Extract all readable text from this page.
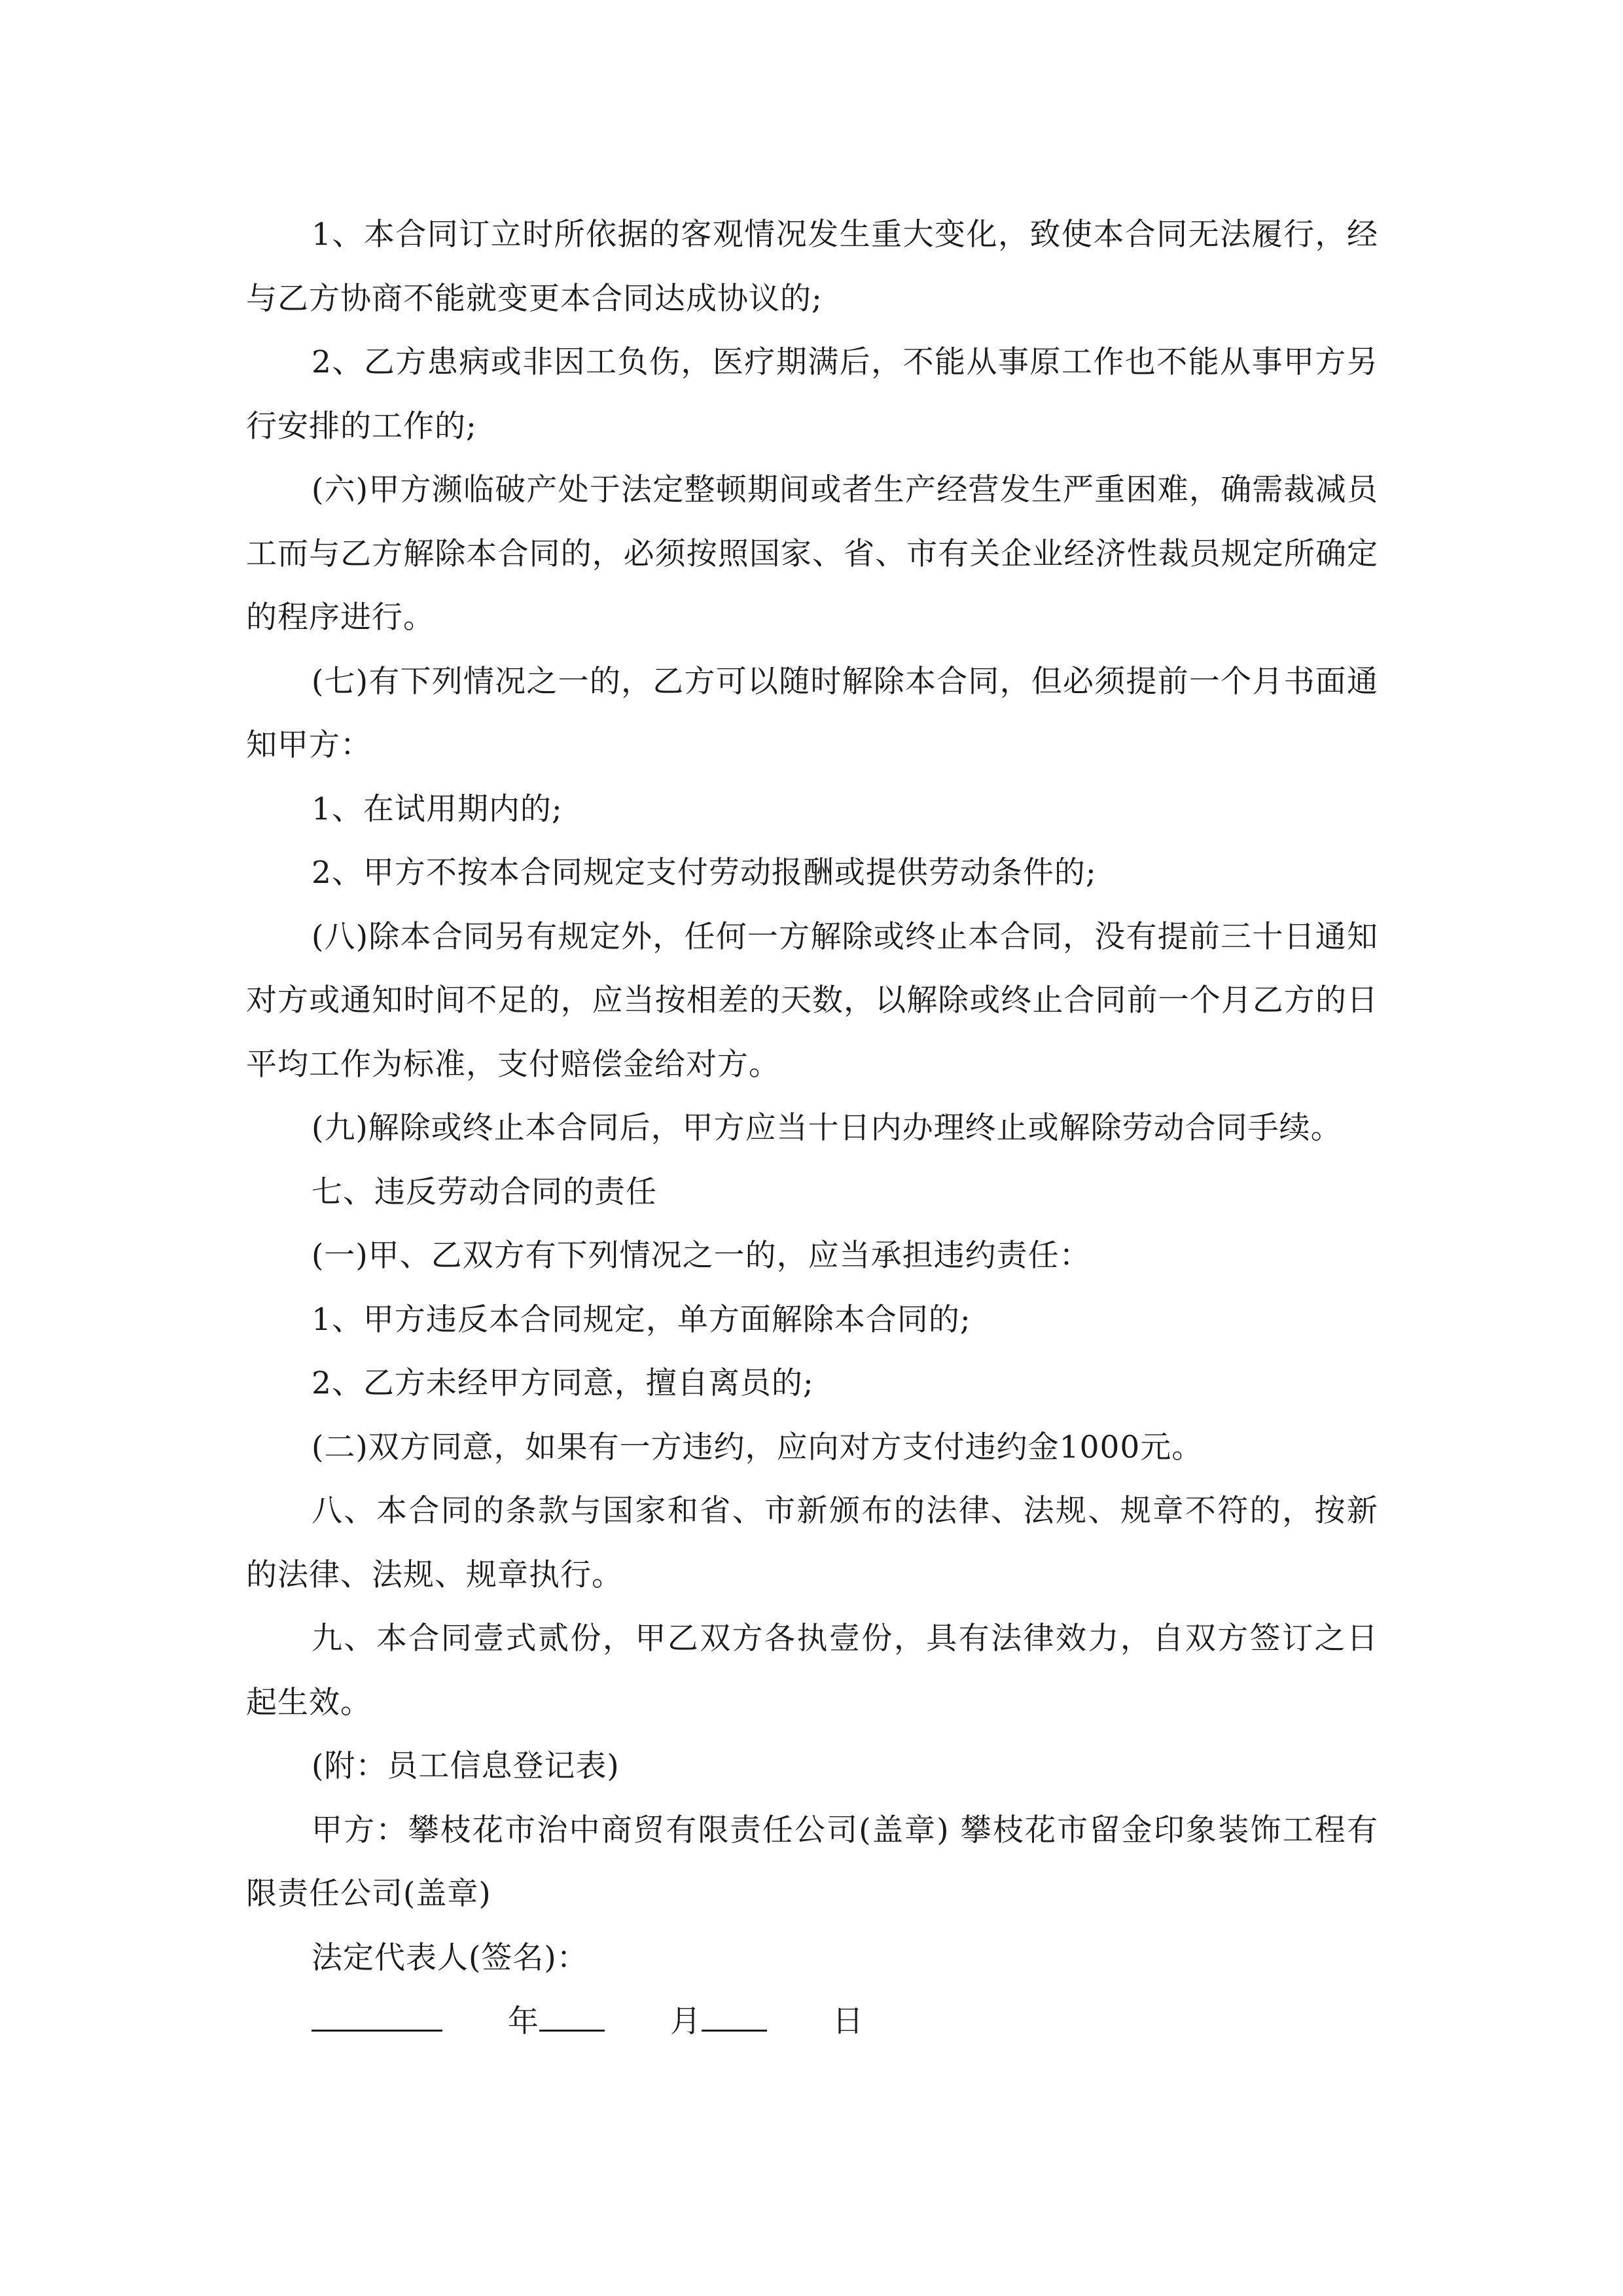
1、本合同订立时所依据的客观情况发生重大变化，致使本合同无法履行，经与乙方协商不能就变更本合同达成协议的;

2、乙方患病或非因工负伤，医疗期满后，不能从事原工作也不能从事甲方另行安排的工作的;

(六)甲方濒临破产处于法定整顿期间或者生产经营发生严重困难，确需裁减员工而与乙方解除本合同的，必须按照国家、省、市有关企业经济性裁员规定所确定的程序进行。

(七)有下列情况之一的，乙方可以随时解除本合同，但必须提前一个月书面通知甲方：

1、在试用期内的;

2、甲方不按本合同规定支付劳动报酬或提供劳动条件的;

(八)除本合同另有规定外，任何一方解除或终止本合同，没有提前三十日通知对方或通知时间不足的，应当按相差的天数，以解除或终止合同前一个月乙方的日平均工作为标准，支付赔偿金给对方。

(九)解除或终止本合同后，甲方应当十日内办理终止或解除劳动合同手续。

七、违反劳动合同的责任

(一)甲、乙双方有下列情况之一的，应当承担违约责任：

1、甲方违反本合同规定，单方面解除本合同的;

2、乙方未经甲方同意，擅自离员的;

(二)双方同意，如果有一方违约，应向对方支付违约金1000元。

八、本合同的条款与国家和省、市新颁布的法律、法规、规章不符的，按新的法律、法规、规章执行。

九、本合同壹式贰份，甲乙双方各执壹份，具有法律效力，自双方签订之日起生效。

(附：员工信息登记表)

甲方：攀枝花市治中商贸有限责任公司(盖章) 攀枝花市留金印象装饰工程有限责任公司(盖章)

法定代表人(签名)：

年	月	日
